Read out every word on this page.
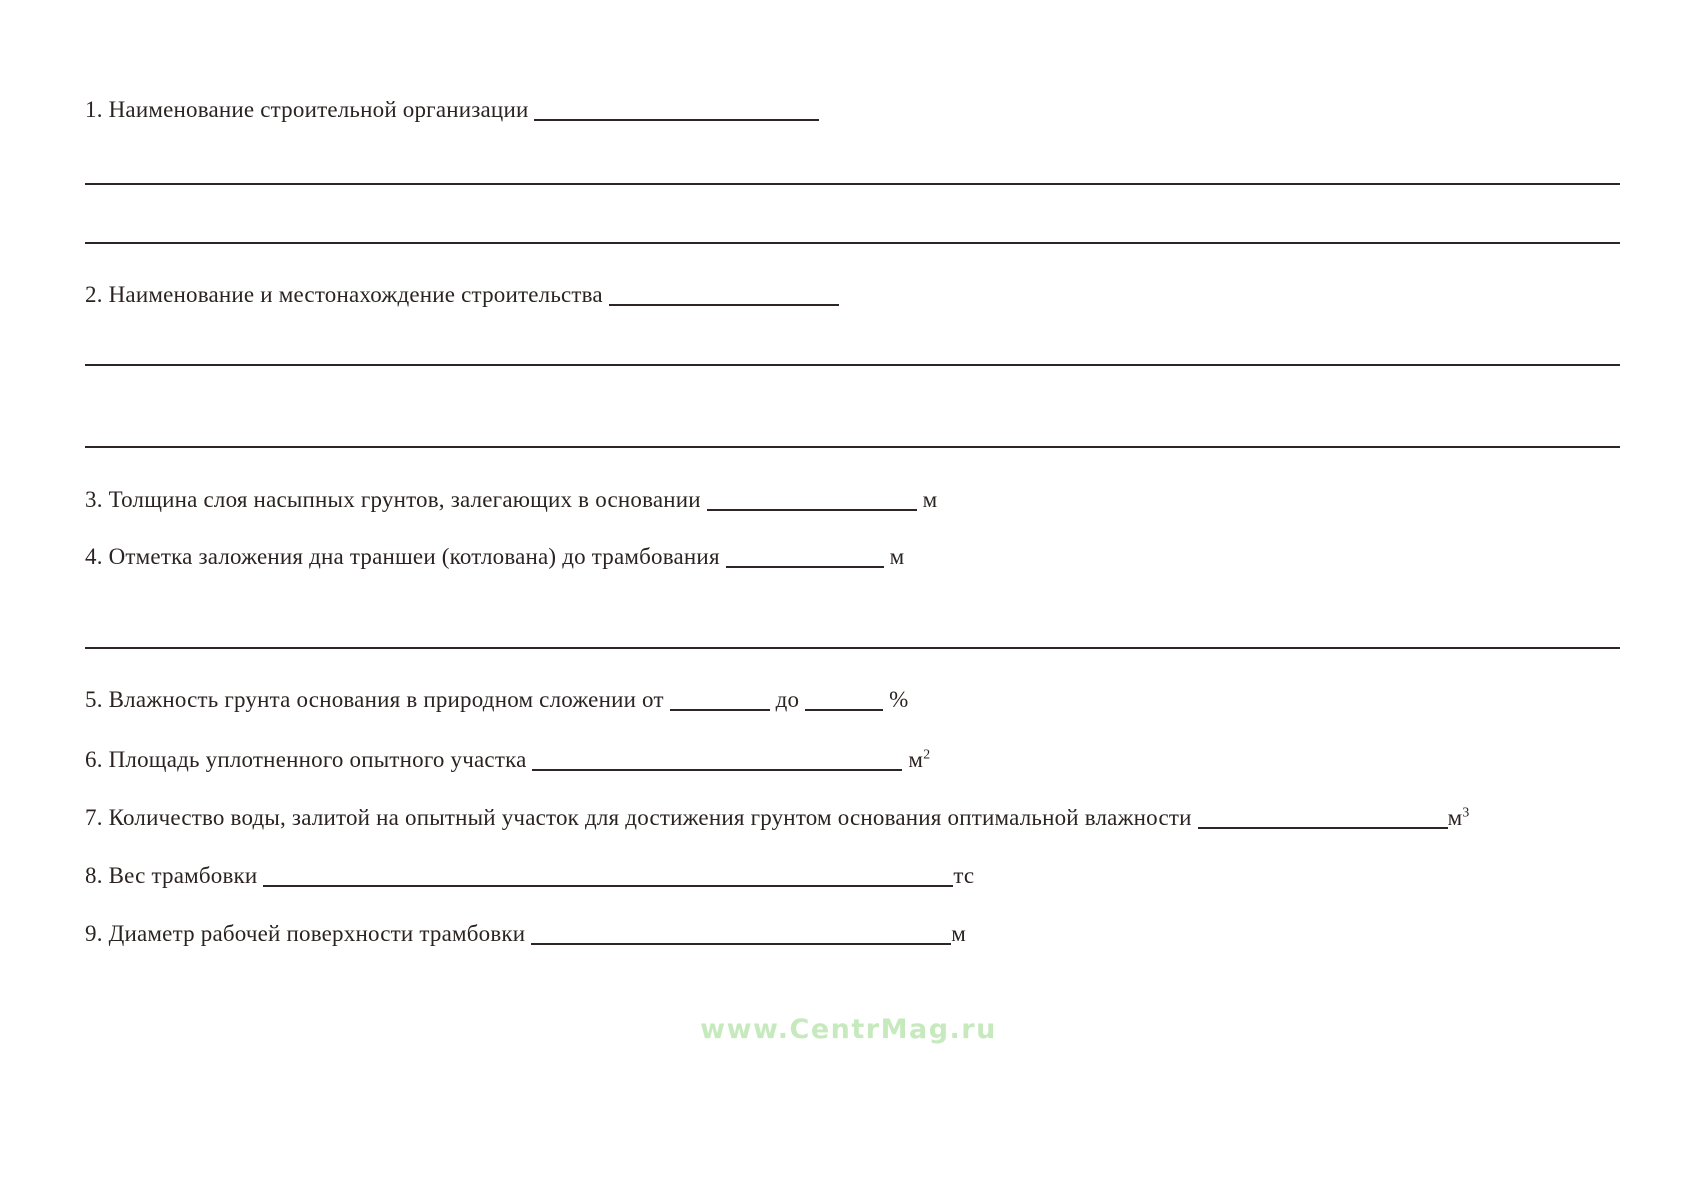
1. Наименование строительной организации
2. Наименование и местонахождение строительства
3. Толщина слоя насыпных грунтов, залегающих в основании	м
4. Отметка заложения дна траншеи (котлована) до трамбования	м
5. Влажность грунта основания в природном сложении от	до	%
6. Площадь уплотненного опытного участка	$м^2$
7. Количество воды, залитой на опытный участок для достижения грунтом основания оптимальной влажности	$м^3$
8. Вес трамбовки	тс
9. Диаметр рабочей поверхности трамбовки	м
www.CentrMag.ru
